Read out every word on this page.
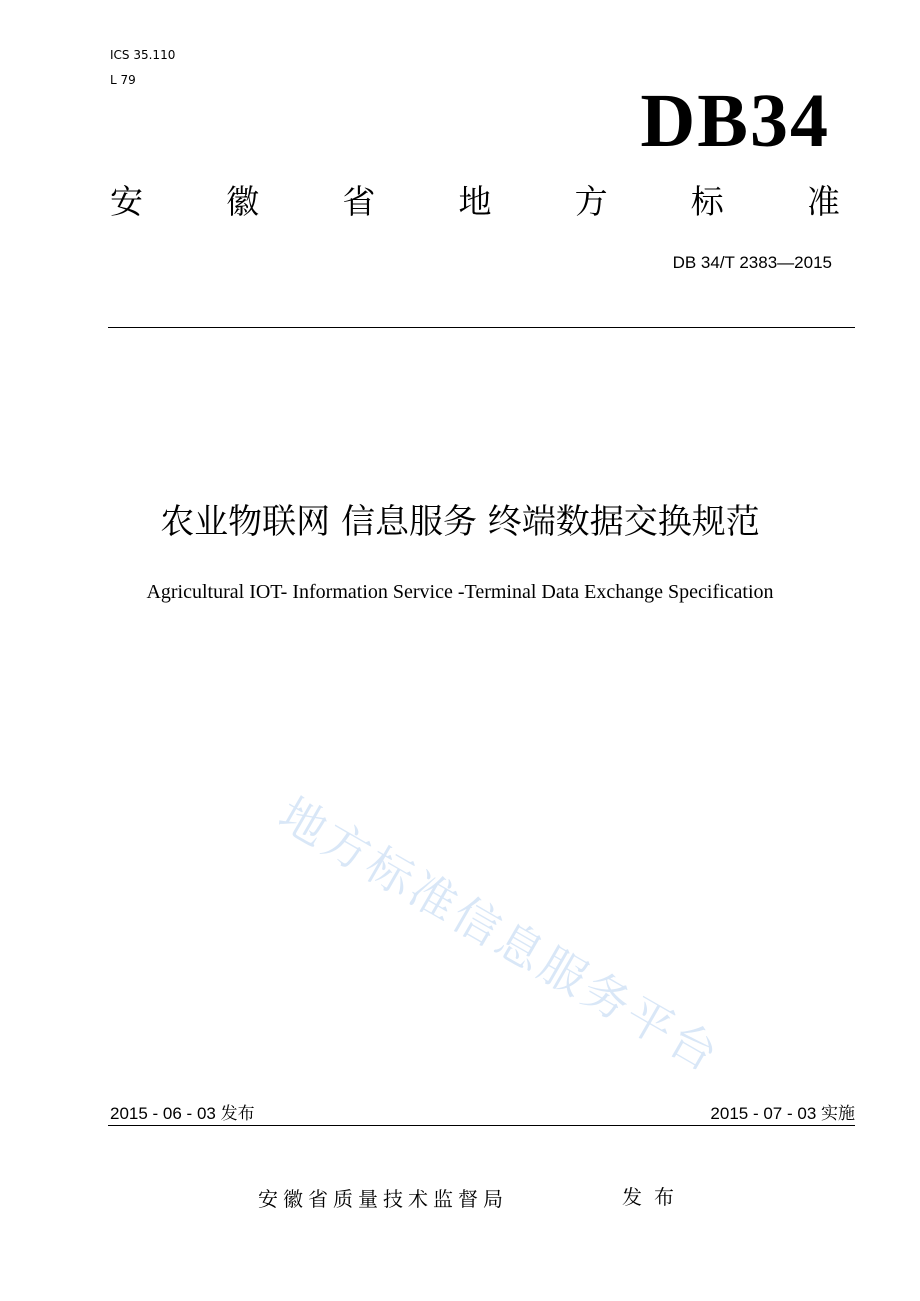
ICS 35.110
L 79	DB34
安	徽	省	地	方	标	准
DB 34/T 2383—2015
农业物联网 信息服务 终端数据交换规范
Agricultural IOT- Information Service -Terminal Data Exchange Specification
地方标准信息服务平台
2015 - 06 - 03 发布	2015 - 07 - 03 实施
安徽省质量技术监督局	发布
